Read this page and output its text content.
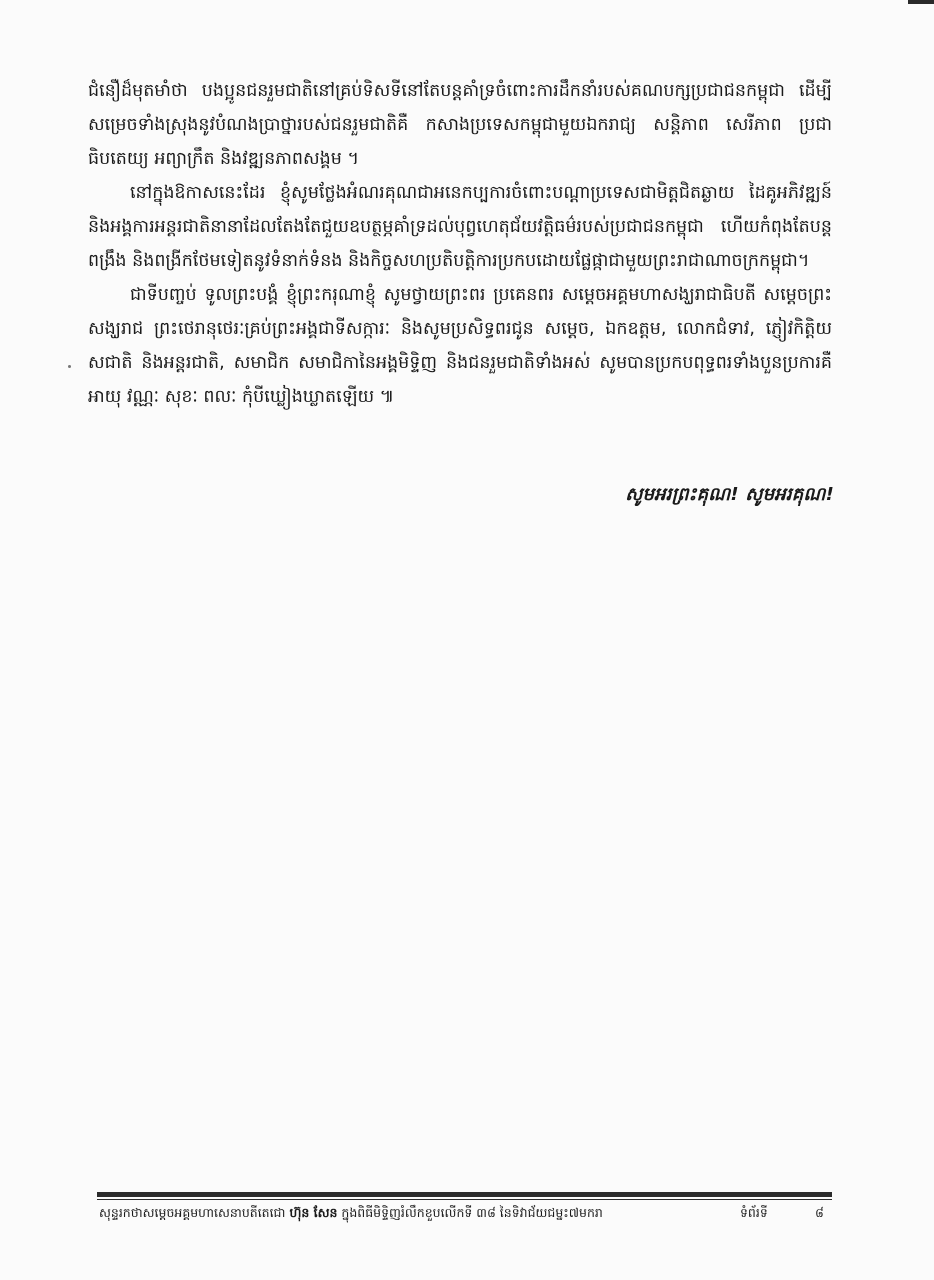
ជំនឿដ៏មុតមាំថា បងប្អូនជនរួមជាតិនៅគ្រប់ទិសទីនៅតែបន្តគាំទ្រចំពោះការដឹកនាំរបស់គណបក្សប្រជាជនកម្ពុជា ដើម្បីសម្រេចទាំងស្រុងនូវបំណងប្រាថ្នារបស់ជនរួមជាតិគឺ កសាងប្រទេសកម្ពុជាមួយឯករាជ្យ សន្តិភាព សេរីភាព ប្រជាធិបតេយ្យ អព្យាក្រឹត និងវឌ្ឍនភាពសង្គម ។

នៅក្នុងឱកាសនេះដែរ ខ្ញុំសូមថ្លែងអំណរគុណជាអនេកប្បការចំពោះបណ្តាប្រទេសជាមិត្តជិតឆ្ងាយ ដៃគូអភិវឌ្ឍន៍ និងអង្គការអន្តរជាតិនានាដែលតែងតែជួយឧបត្ថម្ភគាំទ្រដល់បុព្វហេតុជ័យវត្តិធម៌របស់ប្រជាជនកម្ពុជា ហើយកំពុងតែបន្តពង្រឹង និងពង្រីកថែមទៀតនូវទំនាក់ទំនង និងកិច្ចសហប្រតិបត្តិការប្រកបដោយផ្លែផ្កាជាមួយព្រះរាជាណាចក្រកម្ពុជា។

ជាទីបញ្ចប់ ទូលព្រះបង្គំ ខ្ញុំព្រះករុណាខ្ញុំ សូមថ្វាយព្រះពរ ប្រគេនពរ សម្តេចអគ្គមហាសង្ឃរាជាធិបតី សម្តេចព្រះសង្ឃរាជ ព្រះថេរានុថេរៈគ្រប់ព្រះអង្គជាទីសក្ការៈ និងសូមប្រសិទ្ធពរជូន សម្តេច, ឯកឧត្តម, លោកជំទាវ, ភ្ញៀវកិត្តិយសជាតិ និងអន្តរជាតិ, សមាជិក សមាជិកានៃអង្គមិទ្ទិញ និងជនរួមជាតិទាំងអស់ សូមបានប្រកបពុទ្ធពរទាំងបួនប្រការគឺ អាយុ វណ្ណៈ សុខៈ ពលៈ កុំបីឃ្លៀងឃ្លាតឡើយ ៕

សូមអរព្រះគុណ! សូមអរគុណ!
សុន្ទរកថាសម្តេចអគ្គមហាសេនាបតីតេជោ ហ៊ុន សែន ក្នុងពិធីមិទ្ទិញរំលឹកខួបលើកទី ៣៨ នៃទិវាជ័យជម្នះ៧មករា	ទំព័រទី	៨
